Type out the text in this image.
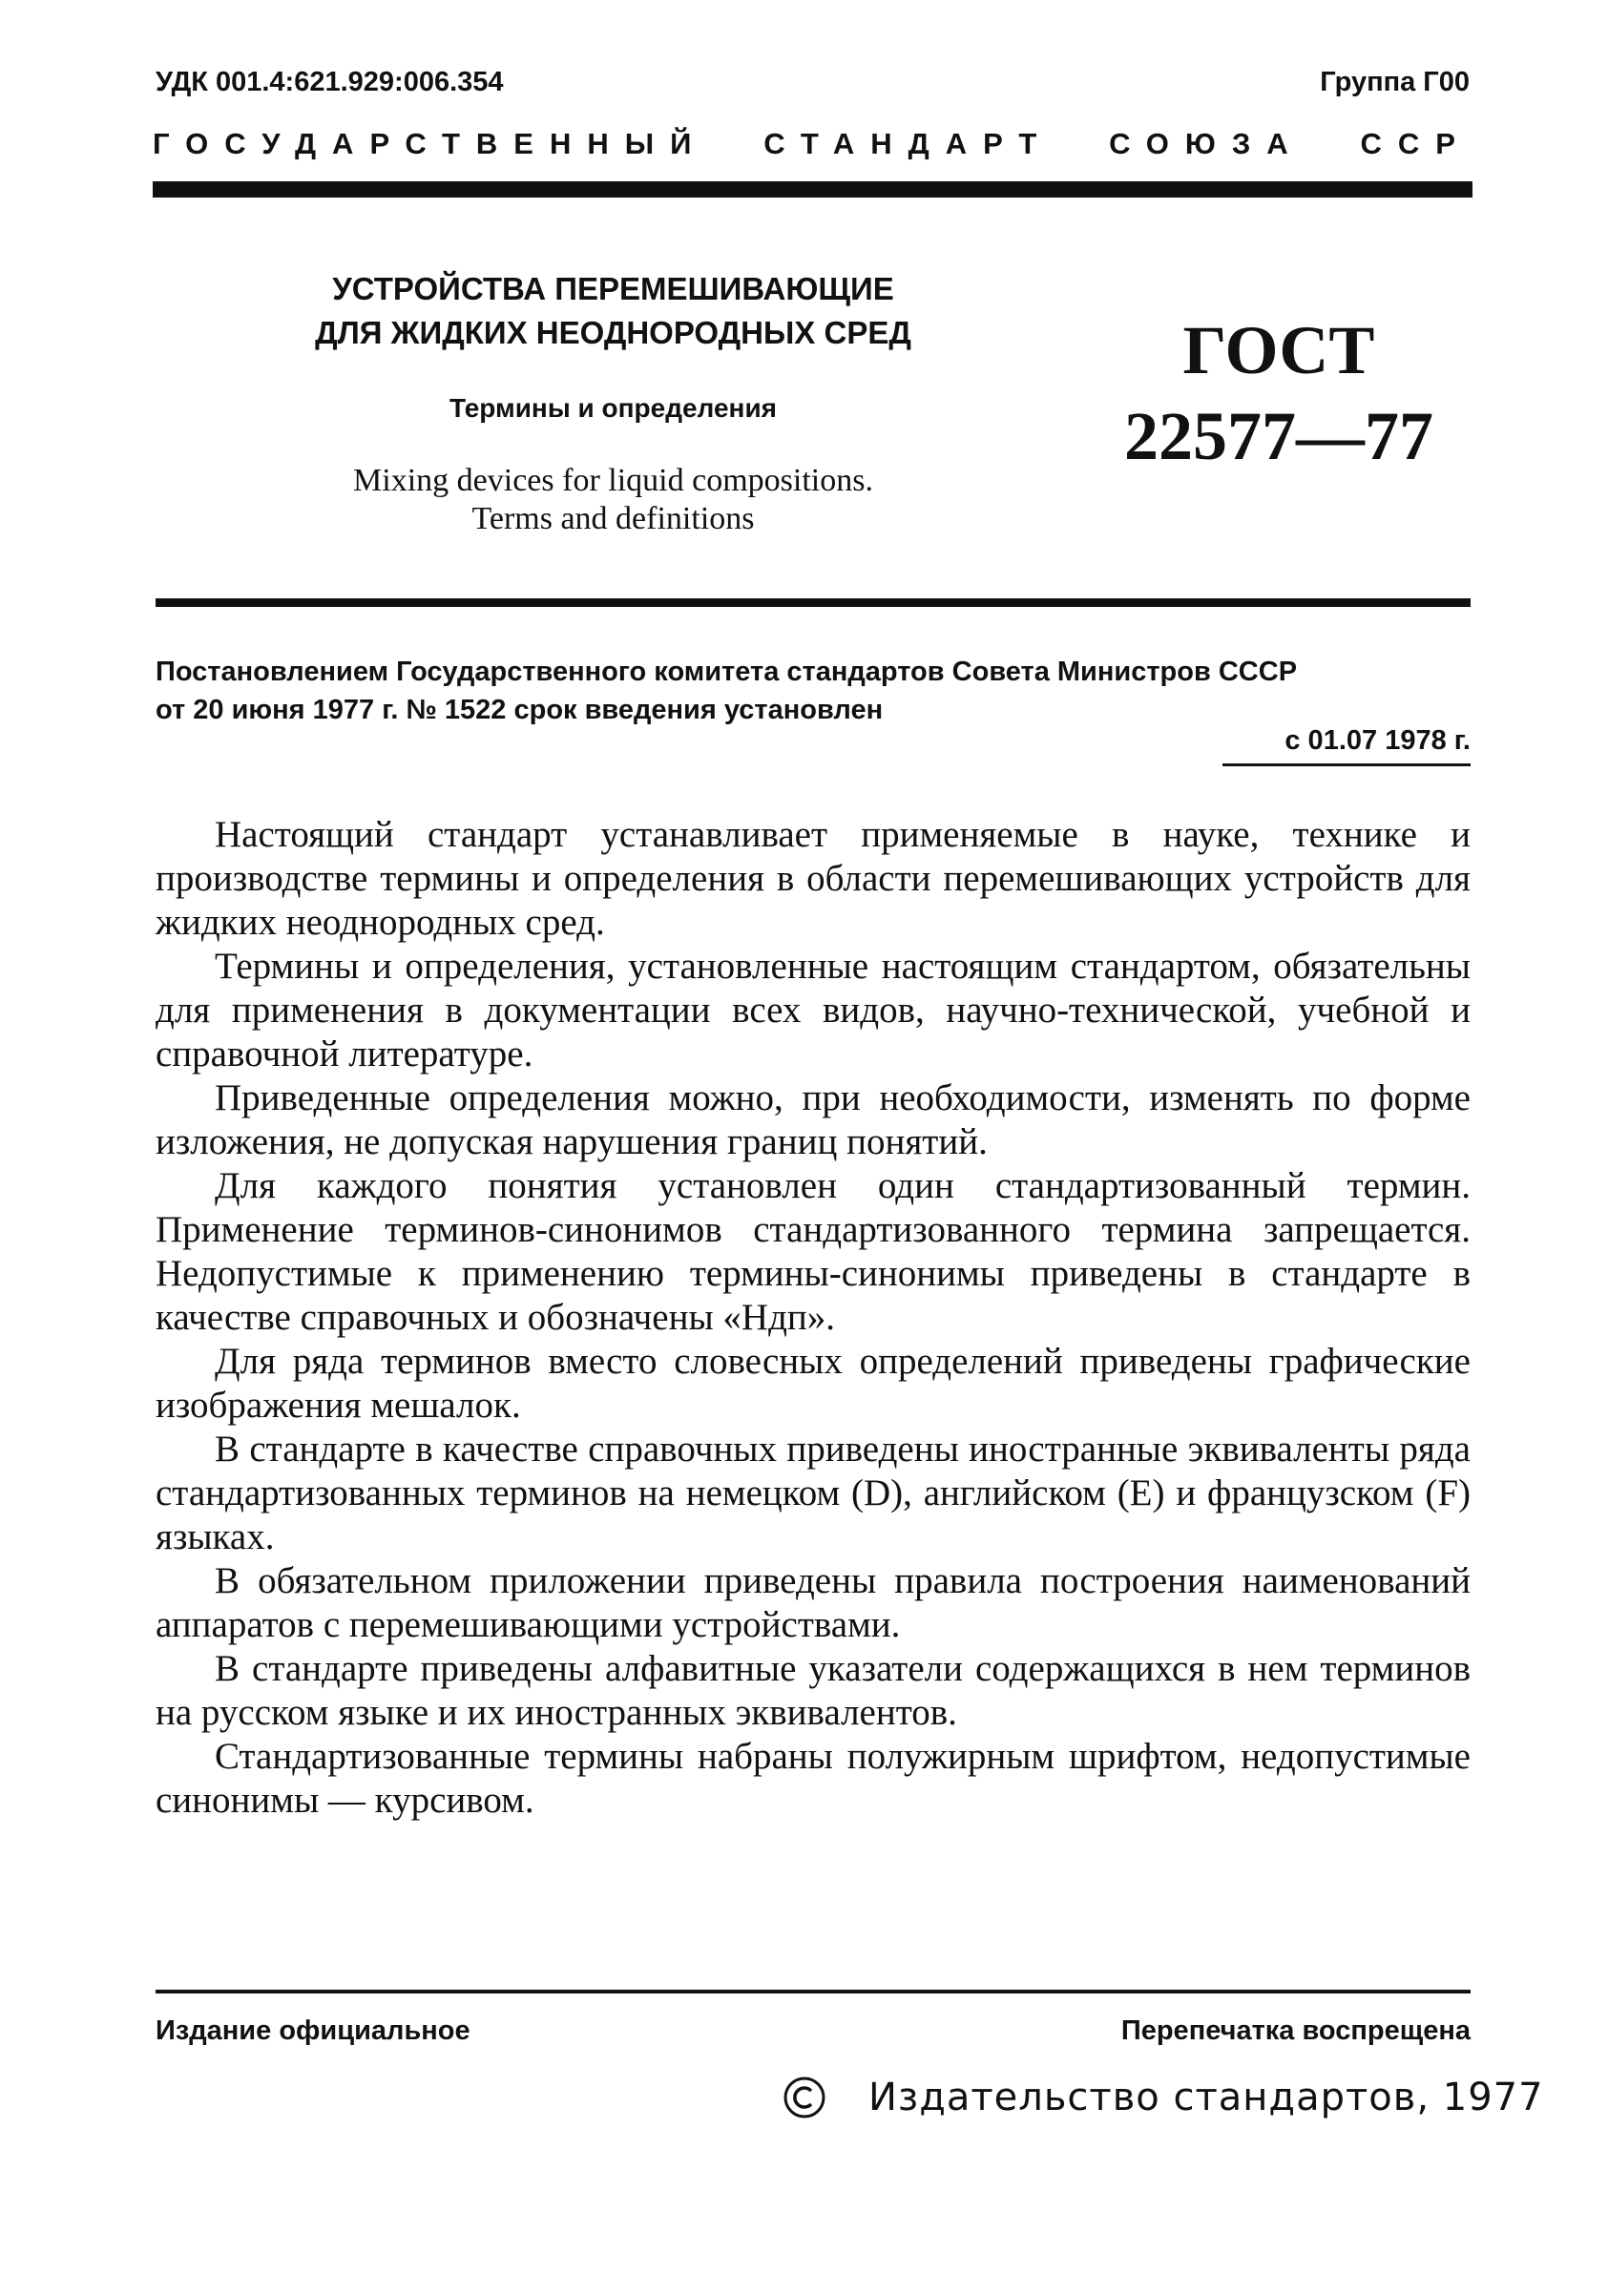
УДК 001.4:621.929:006.354	Группа Г00
ГОСУДАРСТВЕННЫЙ СТАНДАРТ СОЮЗА ССР
УСТРОЙСТВА ПЕРЕМЕШИВАЮЩИЕ
ДЛЯ ЖИДКИХ НЕОДНОРОДНЫХ СРЕД
Термины и определения
Mixing devices for liquid compositions.
Terms and definitions
ГОСТ
22577—77
Постановлением Государственного комитета стандартов Совета Министров СССР
от 20 июня 1977 г. № 1522 срок введения установлен
с 01.07 1978 г.

Настоящий стандарт устанавливает применяемые в науке, технике и производстве термины и определения в области перемешивающих устройств для жидких неоднородных сред.

Термины и определения, установленные настоящим стандартом, обязательны для применения в документации всех видов, научно-технической, учебной и справочной литературе.

Приведенные определения можно, при необходимости, изменять по форме изложения, не допуская нарушения границ понятий.

Для каждого понятия установлен один стандартизованный термин. Применение терминов-синонимов стандартизованного термина запрещается. Недопустимые к применению термины-синонимы приведены в стандарте в качестве справочных и обозначены «Ндп».

Для ряда терминов вместо словесных определений приведены графические изображения мешалок.

В стандарте в качестве справочных приведены иностранные эквиваленты ряда стандартизованных терминов на немецком (D), английском (E) и французском (F) языках.

В обязательном приложении приведены правила построения наименований аппаратов с перемешивающими устройствами.

В стандарте приведены алфавитные указатели содержащихся в нем терминов на русском языке и их иностранных эквивалентов.

Стандартизованные термины набраны полужирным шрифтом, недопустимые синонимы — курсивом.

Издание официальное	Перепечатка воспрещена
Издательство стандартов, 1977
